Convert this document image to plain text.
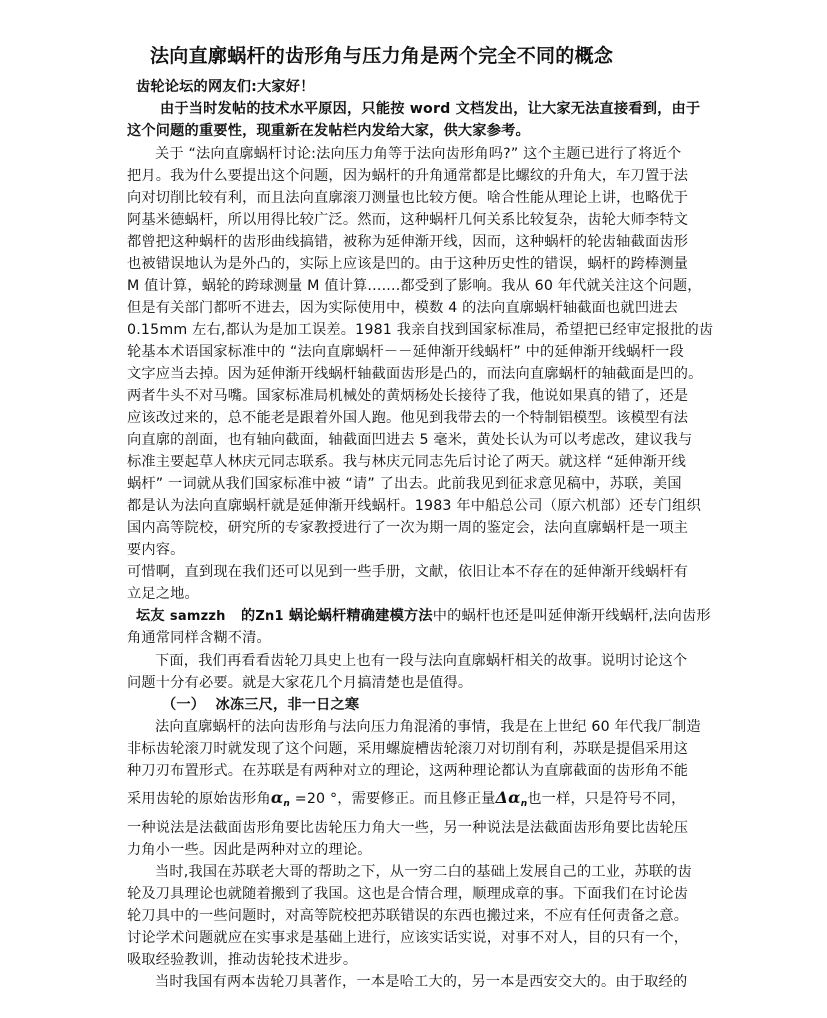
法向直廓蜗杆的齿形角与压力角是两个完全不同的概念
齿轮论坛的网友们:大家好！
由于当时发帖的技术水平原因，只能按 word 文档发出，让大家无法直接看到，由于
这个问题的重要性，现重新在发帖栏内发给大家，供大家参考。
关于 “法向直廓蜗杆讨论:法向压力角等于法向齿形角吗?” 这个主题已进行了将近个
把月。我为什么要提出这个问题，因为蜗杆的升角通常都是比螺纹的升角大，车刀置于法
向对切削比较有利，而且法向直廓滚刀测量也比较方便。啥合性能从理论上讲，也略优于
阿基米德蜗杆，所以用得比较广泛。然而，这种蜗杆几何关系比较复杂，齿轮大师李特文
都曾把这种蜗杆的齿形曲线搞错，被称为延伸渐开线，因而，这种蜗杆的轮齿轴截面齿形
也被错误地认为是外凸的，实际上应该是凹的。由于这种历史性的错误，蜗杆的跨棒测量
M 值计算，蜗轮的跨球测量 M 值计算.......都受到了影响。我从 60 年代就关注这个问题，
但是有关部门都听不进去，因为实际使用中，模数 4 的法向直廓蜗杆轴截面也就凹进去
0.15mm 左右,都认为是加工误差。1981 我亲自找到国家标准局，希望把已经审定报批的齿
轮基本术语国家标准中的 “法向直廓蜗杆－－延伸渐开线蜗杆” 中的延伸渐开线蜗杆一段
文字应当去掉。因为延伸渐开线蜗杆轴截面齿形是凸的，而法向直廓蜗杆的轴截面是凹的。
两者牛头不对马嘴。国家标准局机械处的黄炳杨处长接待了我，他说如果真的错了，还是
应该改过来的，总不能老是跟着外国人跑。他见到我带去的一个特制铝模型。该模型有法
向直廓的剖面，也有轴向截面，轴截面凹进去 5 毫米，黄处长认为可以考虑改，建议我与
标准主要起草人林庆元同志联系。我与林庆元同志先后讨论了两天。就这样 “延伸渐开线
蜗杆” 一词就从我们国家标准中被 “请” 了出去。此前我见到征求意见稿中，苏联，美国
都是认为法向直廓蜗杆就是延伸渐开线蜗杆。1983 年中船总公司（原六机部）还专门组织
国内高等院校，研究所的专家教授进行了一次为期一周的鉴定会，法向直廓蜗杆是一项主
要内容。
可惜啊，直到现在我们还可以见到一些手册，文献，依旧让本不存在的延伸渐开线蜗杆有
立足之地。
坛友 samzzh   的Zn1 蜗论蜗杆精确建模方法中的蜗杆也还是叫延伸渐开线蜗杆,法向齿形
角通常同样含糊不清。
下面，我们再看看齿轮刀具史上也有一段与法向直廓蜗杆相关的故事。说明讨论这个
问题十分有必要。就是大家花几个月搞清楚也是值得。
（一）  冰冻三尺，非一日之寒
法向直廓蜗杆的法向齿形角与法向压力角混淆的事情，我是在上世纪 60 年代我厂制造
非标齿轮滚刀时就发现了这个问题，采用螺旋槽齿轮滚刀对切削有利，苏联是提倡采用这
种刀刃布置形式。在苏联是有两种对立的理论，这两种理论都认为直廓截面的齿形角不能
采用齿轮的原始齿形角$\alpha_n =20$ °，需要修正。而且修正量$\Delta\alpha_n$也一样，只是符号不同，
一种说法是法截面齿形角要比齿轮压力角大一些，另一种说法是法截面齿形角要比齿轮压
力角小一些。因此是两种对立的理论。
当时,我国在苏联老大哥的帮助之下，从一穷二白的基础上发展自己的工业，苏联的齿
轮及刀具理论也就随着搬到了我国。这也是合情合理，顺理成章的事。下面我们在讨论齿
轮刀具中的一些问题时，对高等院校把苏联错误的东西也搬过来，不应有任何责备之意。
讨论学术问题就应在实事求是基础上进行，应该实话实说，对事不对人，目的只有一个，
吸取经验教训，推动齿轮技术进步。
当时我国有两本齿轮刀具著作，一本是哈工大的，另一本是西安交大的。由于取经的
